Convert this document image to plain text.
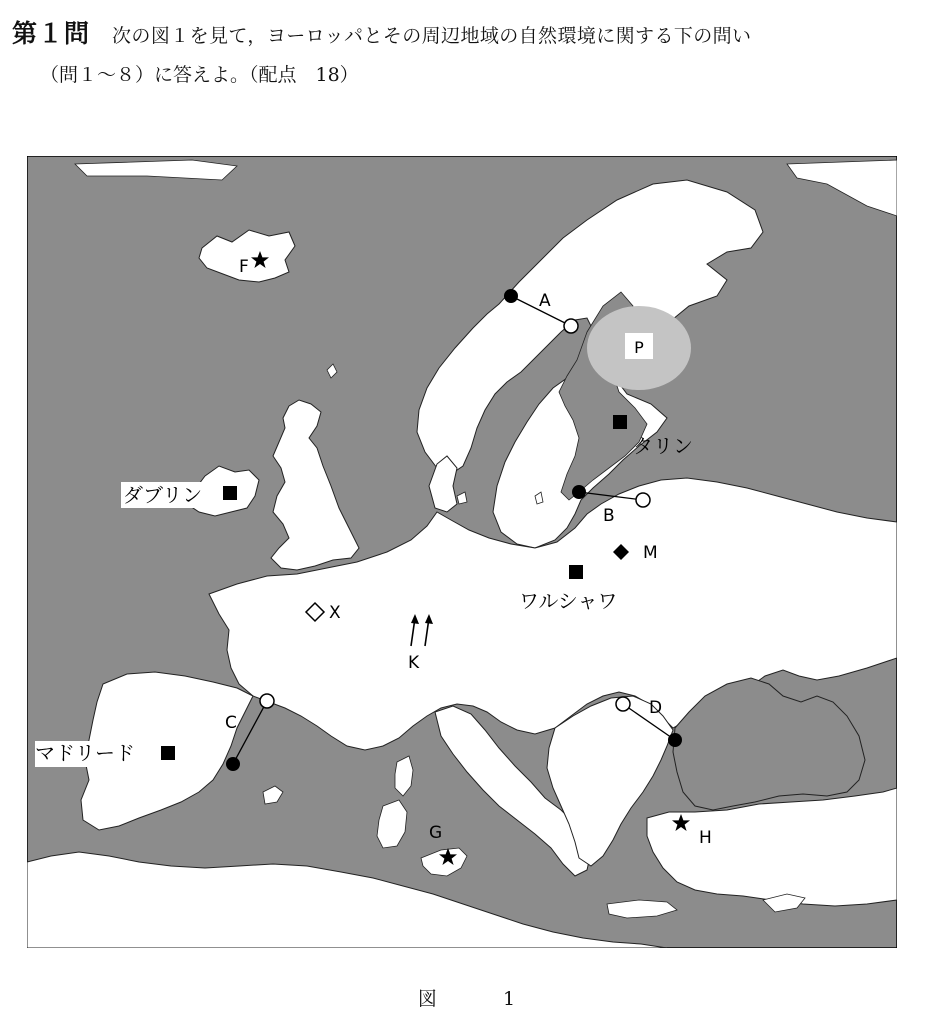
第１問 次の図１を見て，ヨーロッパとその周辺地域の自然環境に関する下の問い
（問１～８）に答えよ。（配点　18）
P
F
A
タリン
B
ダブリン
M
ワルシャワ
X
K
C
マドリード
D
G	H
図 1
